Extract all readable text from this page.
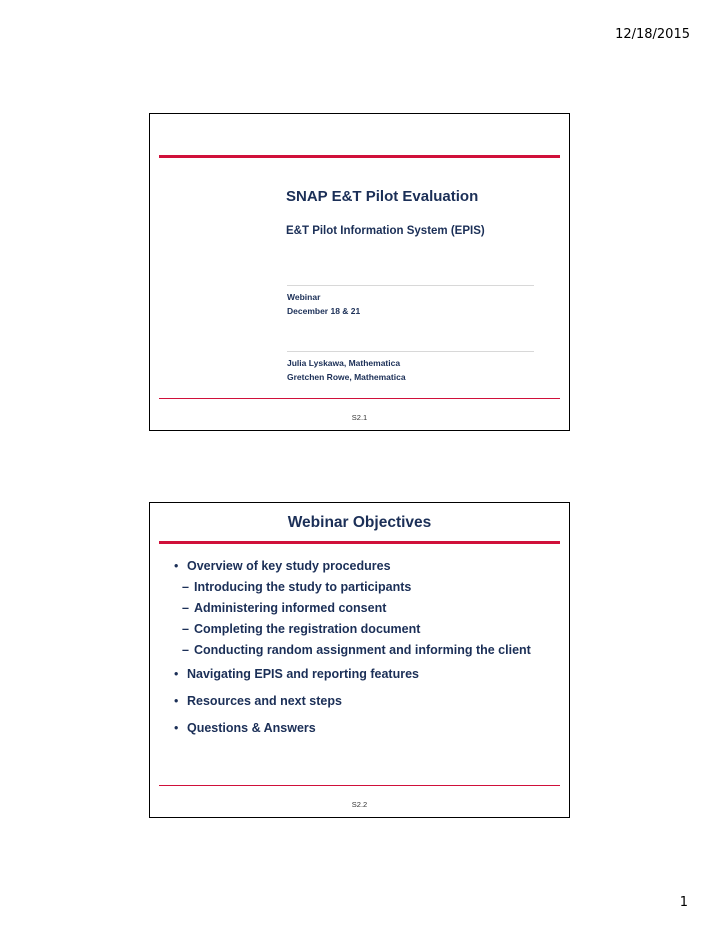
12/18/2015
SNAP E&T Pilot Evaluation
E&T Pilot Information System (EPIS)
Webinar
December 18 & 21
Julia Lyskawa, Mathematica
Gretchen Rowe, Mathematica
S2.1
Webinar Objectives
• Overview of key study procedures
– Introducing the study to participants
– Administering informed consent
– Completing the registration document
– Conducting random assignment and informing the client
• Navigating EPIS and reporting features
• Resources and next steps
• Questions & Answers
S2.2
1
